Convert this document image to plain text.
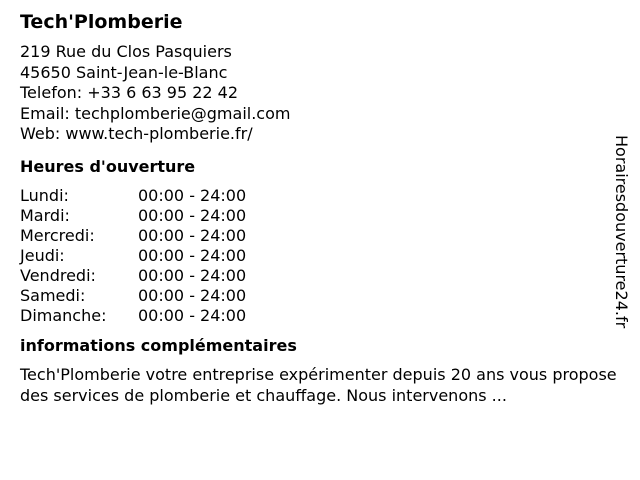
Tech'Plomberie
219 Rue du Clos Pasquiers
45650 Saint-Jean-le-Blanc
Telefon: +33 6 63 95 22 42
Email: techplomberie@gmail.com
Web: www.tech-plomberie.fr/
Heures d'ouverture
Lundi:	00:00 - 24:00
Mardi:	00:00 - 24:00
Mercredi:	00:00 - 24:00
Jeudi:	00:00 - 24:00
Vendredi:	00:00 - 24:00
Samedi:	00:00 - 24:00
Dimanche:	00:00 - 24:00
informations complémentaires
Tech'Plomberie votre entreprise expérimenter depuis 20 ans vous propose des services de plomberie et chauffage. Nous intervenons ...
Horairesdouverture24.fr
